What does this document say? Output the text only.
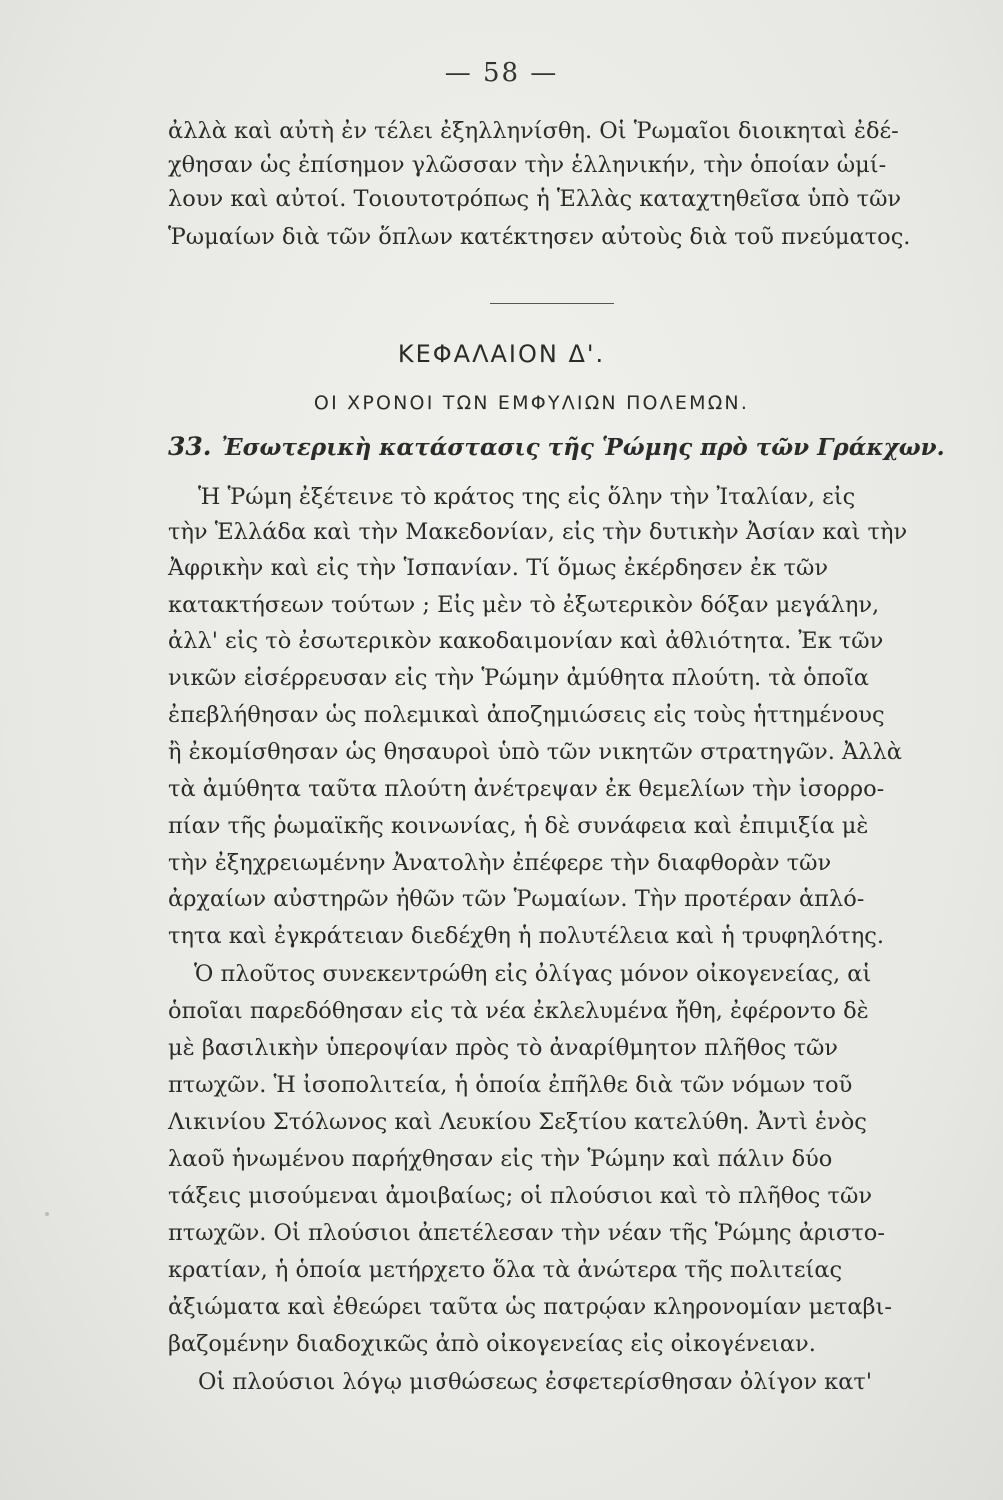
— 58 —
ἀλλὰ καὶ αὐτὴ ἐν τέλει ἐξηλληνίσθη. Οἱ Ῥωμαῖοι διοικηταὶ ἐδέ-
χθησαν ὡς ἐπίσημον γλῶσσαν τὴν ἑλληνικήν, τὴν ὁποίαν ὡμί-
λουν καὶ αὐτοί. Τοιουτοτρόπως ἡ Ἑλλὰς καταχτηθεῖσα ὑπὸ τῶν
Ῥωμαίων διὰ τῶν ὅπλων κατέκτησεν αὐτοὺς διὰ τοῦ πνεύματος.
ΚΕΦΑΛΑΙΟΝ Δ'.
ΟΙ ΧΡΟΝΟΙ ΤΩΝ ΕΜΦΥΛΙΩΝ ΠΟΛΕΜΩΝ.
33. Ἐσωτερικὴ κατάστασις τῆς Ῥώμης πρὸ τῶν Γράκχων.
Ἡ Ῥώμη ἐξέτεινε τὸ κράτος της εἰς ὅλην τὴν Ἰταλίαν, εἰς
τὴν Ἑλλάδα καὶ τὴν Μακεδονίαν, εἰς τὴν δυτικὴν Ἀσίαν καὶ τὴν
Ἀφρικὴν καὶ εἰς τὴν Ἱσπανίαν. Τί ὅμως ἐκέρδησεν ἐκ τῶν
κατακτήσεων τούτων ; Εἰς μὲν τὸ ἐξωτερικὸν δόξαν μεγάλην,
ἀλλ' εἰς τὸ ἐσωτερικὸν κακοδαιμονίαν καὶ ἀθλιότητα. Ἐκ τῶν
νικῶν εἰσέρρευσαν εἰς τὴν Ῥώμην ἀμύθητα πλούτη. τὰ ὁποῖα
ἐπεβλήθησαν ὡς πολεμικαὶ ἀποζημιώσεις εἰς τοὺς ἡττημένους
ἢ ἐκομίσθησαν ὡς θησαυροὶ ὑπὸ τῶν νικητῶν στρατηγῶν. Ἀλλὰ
τὰ ἀμύθητα ταῦτα πλούτη ἀνέτρεψαν ἐκ θεμελίων τὴν ἰσορρο-
πίαν τῆς ῥωμαϊκῆς κοινωνίας, ἡ δὲ συνάφεια καὶ ἐπιμιξία μὲ
τὴν ἐξηχρειωμένην Ἀνατολὴν ἐπέφερε τὴν διαφθορὰν τῶν
ἀρχαίων αὐστηρῶν ἠθῶν τῶν Ῥωμαίων. Τὴν προτέραν ἁπλό-
τητα καὶ ἐγκράτειαν διεδέχθη ἡ πολυτέλεια καὶ ἡ τρυφηλότης.
Ὁ πλοῦτος συνεκεντρώθη εἰς ὀλίγας μόνον οἰκογενείας, αἱ
ὁποῖαι παρεδόθησαν εἰς τὰ νέα ἐκλελυμένα ἤθη, ἐφέροντο δὲ
μὲ βασιλικὴν ὑπεροψίαν πρὸς τὸ ἀναρίθμητον πλῆθος τῶν
πτωχῶν. Ἡ ἰσοπολιτεία, ἡ ὁποία ἐπῆλθε διὰ τῶν νόμων τοῦ
Λικινίου Στόλωνος καὶ Λευκίου Σεξτίου κατελύθη. Ἀντὶ ἑνὸς
λαοῦ ἡνωμένου παρήχθησαν εἰς τὴν Ῥώμην καὶ πάλιν δύο
τάξεις μισούμεναι ἀμοιβαίως; οἱ πλούσιοι καὶ τὸ πλῆθος τῶν
πτωχῶν. Οἱ πλούσιοι ἀπετέλεσαν τὴν νέαν τῆς Ῥώμης ἀριστο-
κρατίαν, ἡ ὁποία μετήρχετο ὅλα τὰ ἀνώτερα τῆς πολιτείας
ἀξιώματα καὶ ἐθεώρει ταῦτα ὡς πατρῴαν κληρονομίαν μεταβι-
βαζομένην διαδοχικῶς ἀπὸ οἰκογενείας εἰς οἰκογένειαν.
Οἱ πλούσιοι λόγῳ μισθώσεως ἐσφετερίσθησαν ὀλίγον κατ'
